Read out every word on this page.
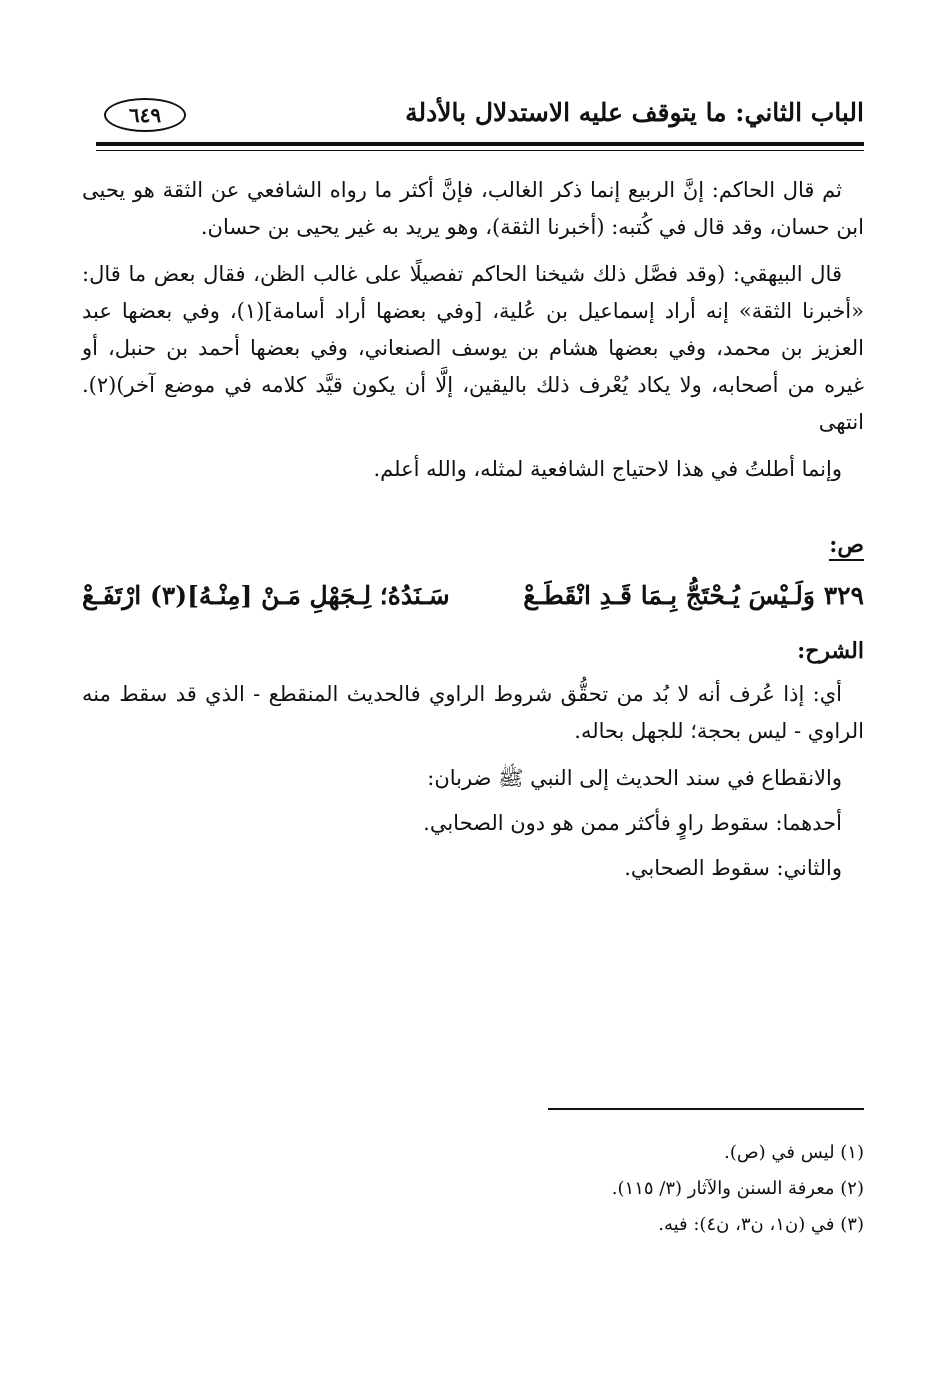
الباب الثاني: ما يتوقف عليه الاستدلال بالأدلة
٦٤٩

ثم قال الحاكم: إنَّ الربيع إنما ذكر الغالب، فإنَّ أكثر ما رواه الشافعي عن الثقة هو يحيى ابن حسان، وقد قال في كُتبه: (أخبرنا الثقة)، وهو يريد به غير يحيى بن حسان.

قال البيهقي: (وقد فصَّل ذلك شيخنا الحاكم تفصيلًا على غالب الظن، فقال بعض ما قال: «أخبرنا الثقة» إنه أراد إسماعيل بن عُلية، [وفي بعضها أراد أسامة](١)، وفي بعضها عبد العزيز بن محمد، وفي بعضها هشام بن يوسف الصنعاني، وفي بعضها أحمد بن حنبل، أو غيره من أصحابه، ولا يكاد يُعْرف ذلك باليقين، إلَّا أن يكون قيَّد كلامه في موضع آخر)(٢). انتهى

وإنما أطلتُ في هذا لاحتياج الشافعية لمثله، والله أعلم.

ص:
٣٢٩ وَلَـيْسَ يُـحْتَجُّ بِـمَا قَـدِ انْقَطَـعْ
سَـنَدُهُ؛ لِـجَهْلِ مَـنْ [مِنْـهُ](٣) ارْتَفَـعْ
الشرح:

أي: إذا عُرف أنه لا بُد من تحقُّق شروط الراوي فالحديث المنقطع - الذي قد سقط منه الراوي - ليس بحجة؛ للجهل بحاله.

والانقطاع في سند الحديث إلى النبي ﷺ ضربان:
أحدهما: سقوط راوٍ فأكثر ممن هو دون الصحابي.
والثاني: سقوط الصحابي.
(١) ليس في (ص).
(٢) معرفة السنن والآثار (٣/ ١١٥).
(٣) في (ن١، ن٣، ن٤): فيه.
